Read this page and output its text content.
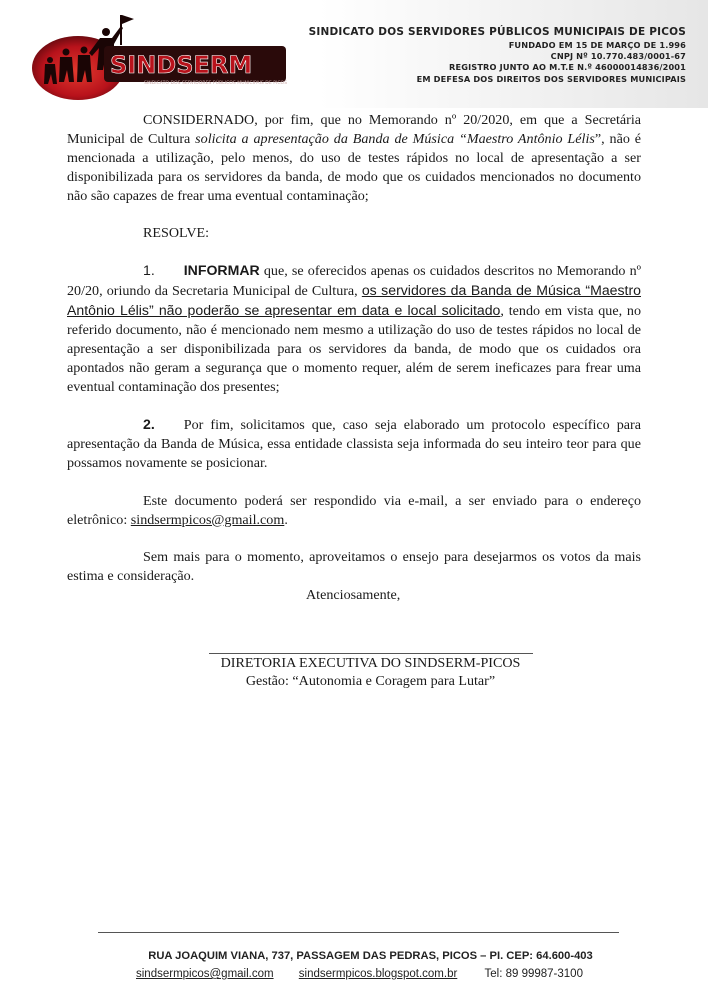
SINDSERM
SINDICATO DOS SERVIDORES PÚBLICOS MUNICIPAIS DE PICOS
SINDICATO DOS SERVIDORES PÚBLICOS MUNICIPAIS DE PICOS
FUNDADO EM 15 DE MARÇO DE 1.996
CNPJ Nº 10.770.483/0001-67
REGISTRO JUNTO AO M.T.E N.º 46000014836/2001
EM DEFESA DOS DIREITOS DOS SERVIDORES MUNICIPAIS

CONSIDERNADO, por fim, que no Memorando nº 20/2020, em que a Secretária Municipal de Cultura solicita a apresentação da Banda de Música “Maestro Antônio Lélis”, não é mencionada a utilização, pelo menos, do uso de testes rápidos no local de apresentação a ser disponibilizada para os servidores da banda, de modo que os cuidados mencionados no documento não são capazes de frear uma eventual contaminação;

RESOLVE:

1. INFORMAR que, se oferecidos apenas os cuidados descritos no Memorando nº 20/20, oriundo da Secretaria Municipal de Cultura, os servidores da Banda de Música “Maestro Antônio Lélis” não poderão se apresentar em data e local solicitado, tendo em vista que, no referido documento, não é mencionado nem mesmo a utilização do uso de testes rápidos no local de apresentação a ser disponibilizada para os servidores da banda, de modo que os cuidados ora apontados não geram a segurança que o momento requer, além de serem ineficazes para frear uma eventual contaminação dos presentes;

2. Por fim, solicitamos que, caso seja elaborado um protocolo específico para apresentação da Banda de Música, essa entidade classista seja informada do seu inteiro teor para que possamos novamente se posicionar.

Este documento poderá ser respondido via e-mail, a ser enviado para o endereço eletrônico: sindsermpicos@gmail.com.

Sem mais para o momento, aproveitamos o ensejo para desejarmos os votos da mais estima e consideração.

Atenciosamente,

DIRETORIA EXECUTIVA DO SINDSERM-PICOS
Gestão: “Autonomia e Coragem para Lutar”
RUA JOAQUIM VIANA, 737, PASSAGEM DAS PEDRAS, PICOS – PI. CEP: 64.600-403
sindsermpicos@gmail.com sindsermpicos.blogspot.com.br Tel: 89 99987-3100
